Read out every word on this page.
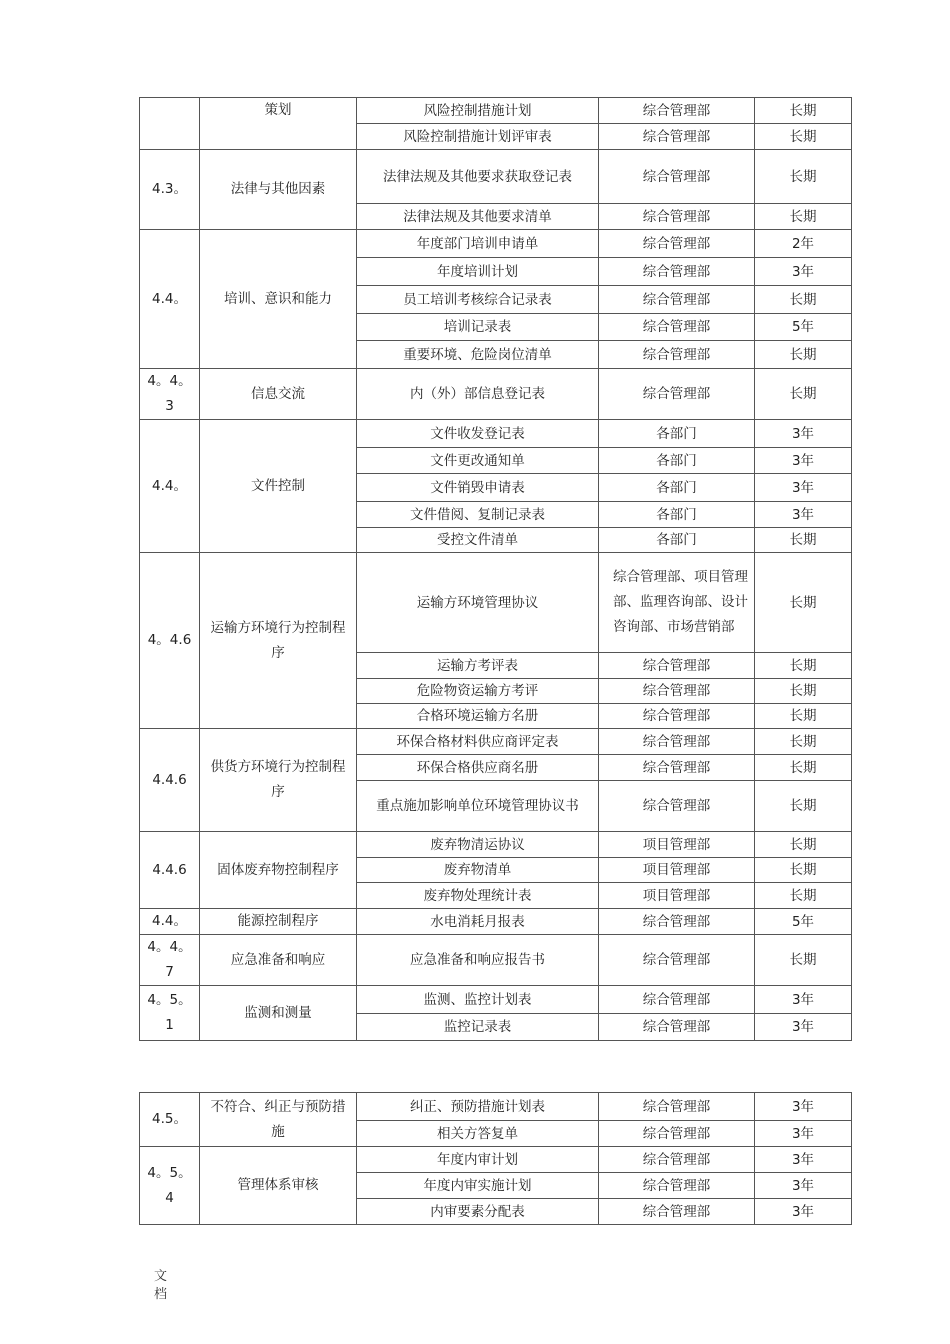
	策划	风险控制措施计划	综合管理部	长期
		风险控制措施计划评审表	综合管理部	长期
4.3。	法律与其他因素	法律法规及其他要求获取登记表	综合管理部	长期
		法律法规及其他要求清单	综合管理部	长期
4.4。	培训、意识和能力	年度部门培训申请单	综合管理部	2年
		年度培训计划	综合管理部	3年
		员工培训考核综合记录表	综合管理部	长期
		培训记录表	综合管理部	5年
		重要环境、危险岗位清单	综合管理部	长期
4。4。3	信息交流	内（外）部信息登记表	综合管理部	长期
4.4。	文件控制	文件收发登记表	各部门	3年
		文件更改通知单	各部门	3年
		文件销毁申请表	各部门	3年
		文件借阅、复制记录表	各部门	3年
		受控文件清单	各部门	长期
4。4.6	运输方环境行为控制程序	运输方环境管理协议	综合管理部、项目管理部、监理咨询部、设计咨询部、市场营销部	长期
		运输方考评表	综合管理部	长期
		危险物资运输方考评	综合管理部	长期
		合格环境运输方名册	综合管理部	长期
4.4.6	供货方环境行为控制程序	环保合格材料供应商评定表	综合管理部	长期
		环保合格供应商名册	综合管理部	长期
		重点施加影响单位环境管理协议书	综合管理部	长期
4.4.6	固体废弃物控制程序	废弃物清运协议	项目管理部	长期
		废弃物清单	项目管理部	长期
		废弃物处理统计表	项目管理部	长期
4.4。	能源控制程序	水电消耗月报表	综合管理部	5年
4。4。7	应急准备和响应	应急准备和响应报告书	综合管理部	长期
4。5。1	监测和测量	监测、监控计划表	综合管理部	3年
		监控记录表	综合管理部	3年
4.5。	不符合、纠正与预防措施	纠正、预防措施计划表	综合管理部	3年
		相关方答复单	综合管理部	3年
4。5。4	管理体系审核	年度内审计划	综合管理部	3年
		年度内审实施计划	综合管理部	3年
		内审要素分配表	综合管理部	3年
文档
